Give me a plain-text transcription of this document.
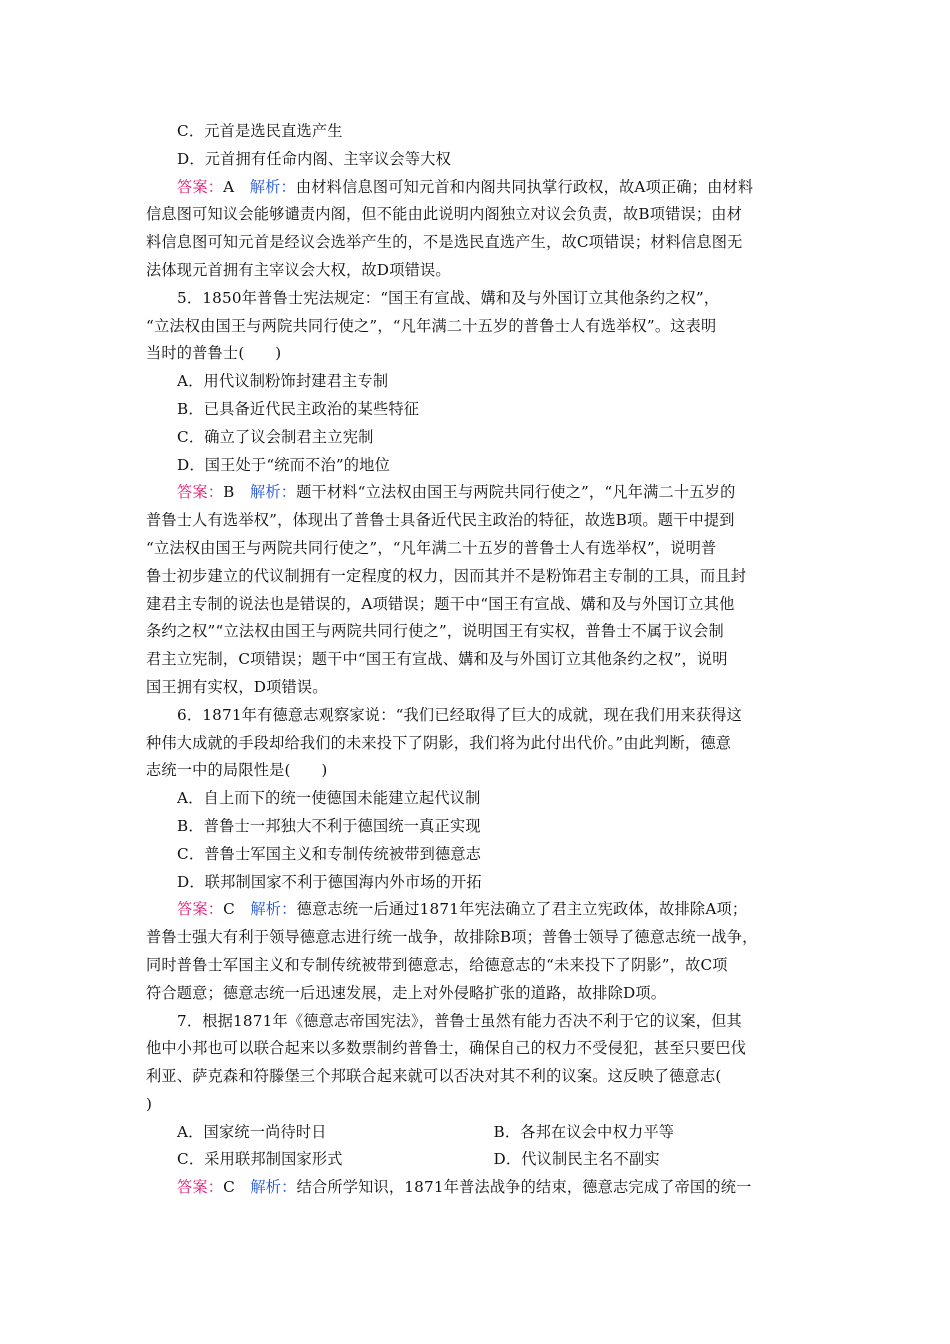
C．元首是选民直选产生
D．元首拥有任命内阁、主宰议会等大权
答案：A　 解析：由材料信息图可知元首和内阁共同执掌行政权，故A项正确；由材料
信息图可知议会能够谴责内阁，但不能由此说明内阁独立对议会负责，故B项错误；由材
料信息图可知元首是经议会选举产生的，不是选民直选产生，故C项错误；材料信息图无
法体现元首拥有主宰议会大权，故D项错误。
5．1850年普鲁士宪法规定：“国王有宣战、媾和及与外国订立其他条约之权”，
“立法权由国王与两院共同行使之”，“凡年满二十五岁的普鲁士人有选举权”。这表明
当时的普鲁士(　　)
A．用代议制粉饰封建君主专制
B．已具备近代民主政治的某些特征
C．确立了议会制君主立宪制
D．国王处于“统而不治”的地位
答案：B　 解析：题干材料“立法权由国王与两院共同行使之”，“凡年满二十五岁的
普鲁士人有选举权”，体现出了普鲁士具备近代民主政治的特征，故选B项。题干中提到
“立法权由国王与两院共同行使之”，“凡年满二十五岁的普鲁士人有选举权”，说明普
鲁士初步建立的代议制拥有一定程度的权力，因而其并不是粉饰君主专制的工具，而且封
建君主专制的说法也是错误的，A项错误；题干中“国王有宣战、媾和及与外国订立其他
条约之权”“立法权由国王与两院共同行使之”，说明国王有实权，普鲁士不属于议会制
君主立宪制，C项错误；题干中“国王有宣战、媾和及与外国订立其他条约之权”，说明
国王拥有实权，D项错误。
6．1871年有德意志观察家说：“我们已经取得了巨大的成就，现在我们用来获得这
种伟大成就的手段却给我们的未来投下了阴影，我们将为此付出代价。”由此判断，德意
志统一中的局限性是(　　)
A．自上而下的统一使德国未能建立起代议制
B．普鲁士一邦独大不利于德国统一真正实现
C．普鲁士军国主义和专制传统被带到德意志
D．联邦制国家不利于德国海内外市场的开拓
答案：C　 解析：德意志统一后通过1871年宪法确立了君主立宪政体，故排除A项；
普鲁士强大有利于领导德意志进行统一战争，故排除B项；普鲁士领导了德意志统一战争，
同时普鲁士军国主义和专制传统被带到德意志，给德意志的“未来投下了阴影”，故C项
符合题意；德意志统一后迅速发展，走上对外侵略扩张的道路，故排除D项。
7．根据1871年《德意志帝国宪法》，普鲁士虽然有能力否决不利于它的议案，但其
他中小邦也可以联合起来以多数票制约普鲁士，确保自己的权力不受侵犯，甚至只要巴伐
利亚、萨克森和符滕堡三个邦联合起来就可以否决对其不利的议案。这反映了德意志(
)
A．国家统一尚待时日	B．各邦在议会中权力平等
C．采用联邦制国家形式	D．代议制民主名不副实
答案：C　 解析：结合所学知识，1871年普法战争的结束，德意志完成了帝国的统一
